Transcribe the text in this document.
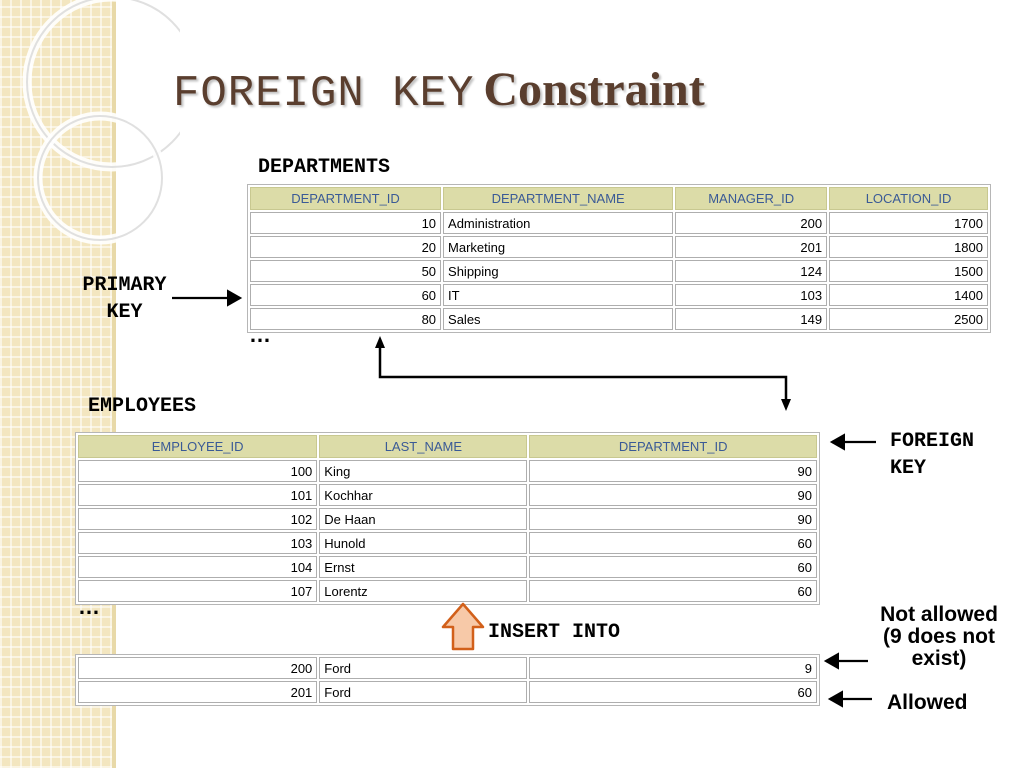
FOREIGN KEY Constraint

DEPARTMENTS

DEPARTMENT_ID	DEPARTMENT_NAME	MANAGER_ID	LOCATION_ID
10	Administration	200	1700
20	Marketing	201	1800
50	Shipping	124	1500
60	IT	103	1400
80	Sales	149	2500
…

PRIMARY
KEY

EMPLOYEES

EMPLOYEE_ID	LAST_NAME	DEPARTMENT_ID
100	King	90
101	Kochhar	90
102	De Haan	90
103	Hunold	60
104	Ernst	60
107	Lorentz	60
…

FOREIGN
KEY

INSERT INTO

200	Ford	9
201	Ford	60

Not allowed
(9 does not
exist)

Allowed
